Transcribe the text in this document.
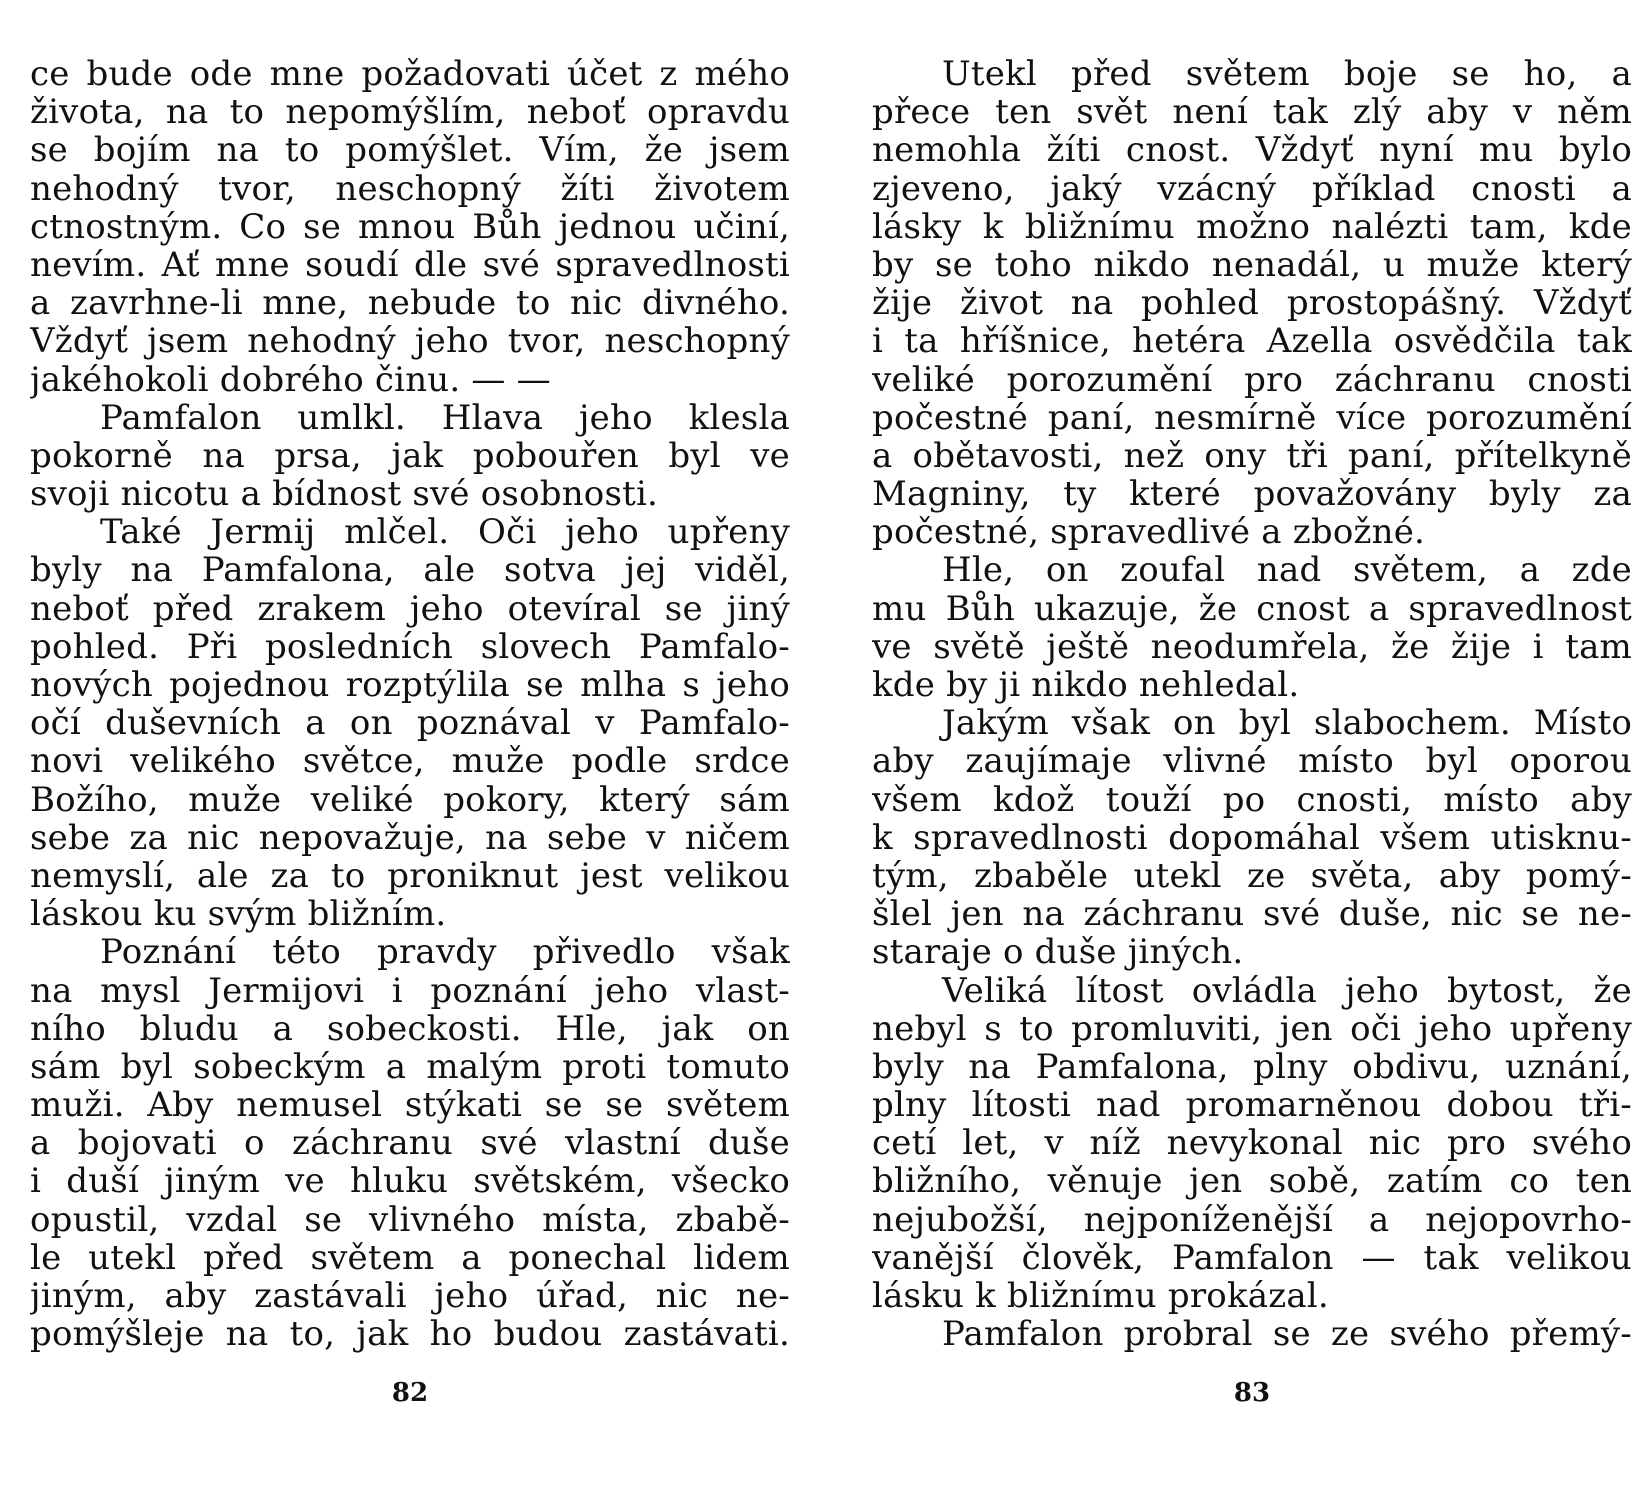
ce bude ode mne požadovati účet z mého
života, na to nepomýšlím, neboť opravdu
se bojím na to pomýšlet. Vím, že jsem
nehodný tvor, neschopný žíti životem
ctnostným. Co se mnou Bůh jednou učiní,
nevím. Ať mne soudí dle své spravedlnosti
a zavrhne-li mne, nebude to nic divného.
Vždyť jsem nehodný jeho tvor, neschopný
jakéhokoli dobrého činu. — —
Pamfalon umlkl. Hlava jeho klesla
pokorně na prsa, jak pobouřen byl ve
svoji nicotu a bídnost své osobnosti.
Také Jermij mlčel. Oči jeho upřeny
byly na Pamfalona, ale sotva jej viděl,
neboť před zrakem jeho otevíral se jiný
pohled. Při posledních slovech Pamfalo-
nových pojednou rozptýlila se mlha s jeho
očí duševních a on poznával v Pamfalo-
novi velikého světce, muže podle srdce
Božího, muže veliké pokory, který sám
sebe za nic nepovažuje, na sebe v ničem
nemyslí, ale za to proniknut jest velikou
láskou ku svým bližním.
Poznání této pravdy přivedlo však
na mysl Jermijovi i poznání jeho vlast-
ního bludu a sobeckosti. Hle, jak on
sám byl sobeckým a malým proti tomuto
muži. Aby nemusel stýkati se se světem
a bojovati o záchranu své vlastní duše
i duší jiným ve hluku světském, všecko
opustil, vzdal se vlivného místa, zbabě-
le utekl před světem a ponechal lidem
jiným, aby zastávali jeho úřad, nic ne-
pomýšleje na to, jak ho budou zastávati.
82
Utekl před světem boje se ho, a
přece ten svět není tak zlý aby v něm
nemohla žíti cnost. Vždyť nyní mu bylo
zjeveno, jaký vzácný příklad cnosti a
lásky k bližnímu možno nalézti tam, kde
by se toho nikdo nenadál, u muže který
žije život na pohled prostopášný. Vždyť
i ta hříšnice, hetéra Azella osvědčila tak
veliké porozumění pro záchranu cnosti
počestné paní, nesmírně více porozumění
a obětavosti, než ony tři paní, přítelkyně
Magniny, ty které považovány byly za
počestné, spravedlivé a zbožné.
Hle, on zoufal nad světem, a zde
mu Bůh ukazuje, že cnost a spravedlnost
ve světě ještě neodumřela, že žije i tam
kde by ji nikdo nehledal.
Jakým však on byl slabochem. Místo
aby zaujímaje vlivné místo byl oporou
všem kdož touží po cnosti, místo aby
k spravedlnosti dopomáhal všem utisknu-
tým, zbaběle utekl ze světa, aby pomý-
šlel jen na záchranu své duše, nic se ne-
staraje o duše jiných.
Veliká lítost ovládla jeho bytost, že
nebyl s to promluviti, jen oči jeho upřeny
byly na Pamfalona, plny obdivu, uznání,
plny lítosti nad promarněnou dobou tři-
cetí let, v níž nevykonal nic pro svého
bližního, věnuje jen sobě, zatím co ten
nejubožší, nejponíženější a nejopovrho-
vanější člověk, Pamfalon — tak velikou
lásku k bližnímu prokázal.
Pamfalon probral se ze svého přemý-
83
